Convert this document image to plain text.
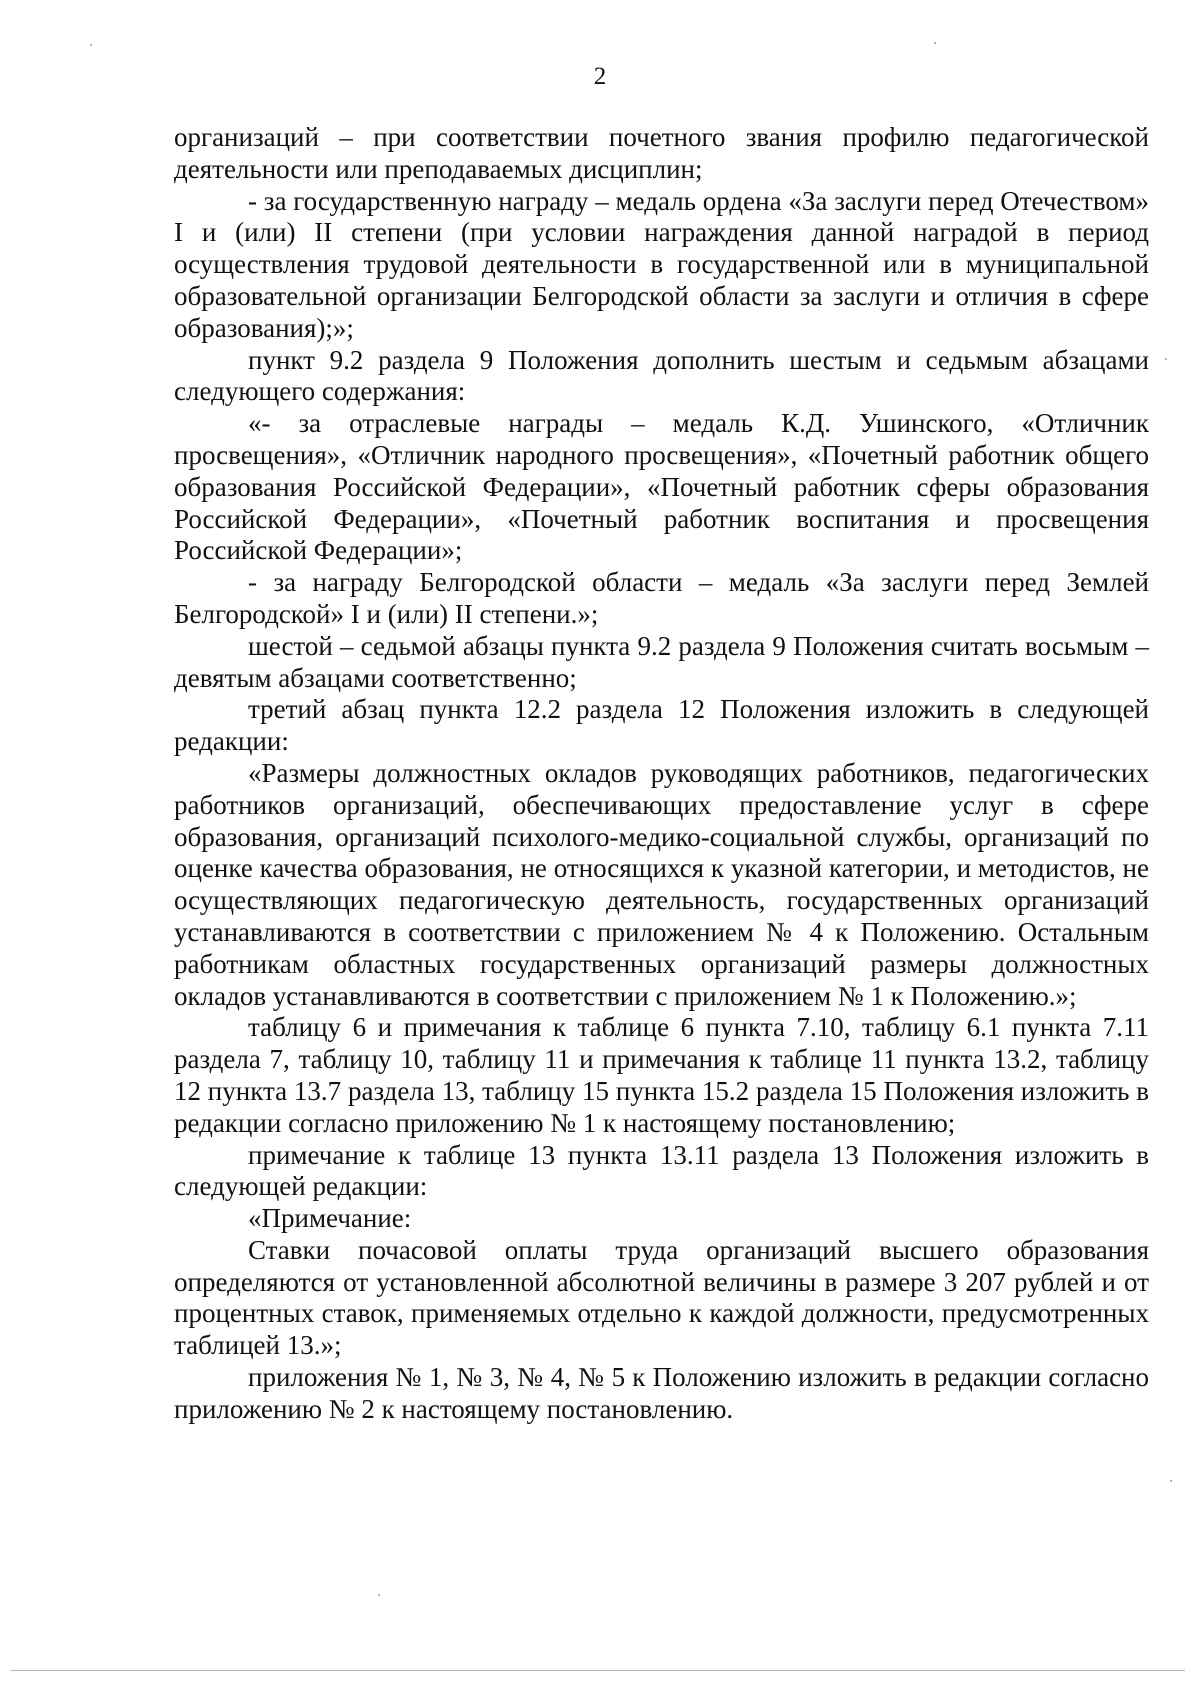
2

организаций – при соответствии почетного звания профилю педагогической деятельности или преподаваемых дисциплин;

- за государственную награду – медаль ордена «За заслуги перед Отечеством» I и (или) II степени (при условии награждения данной наградой в период осуществления трудовой деятельности в государственной или в муниципальной образовательной организации Белгородской области за заслуги и отличия в сфере образования);»;

пункт 9.2 раздела 9 Положения дополнить шестым и седьмым абзацами следующего содержания:

«- за отраслевые награды – медаль К.Д. Ушинского, «Отличник просвещения», «Отличник народного просвещения», «Почетный работник общего образования Российской Федерации», «Почетный работник сферы образования Российской Федерации», «Почетный работник воспитания и просвещения Российской Федерации»;

- за награду Белгородской области – медаль «За заслуги перед Землей Белгородской» I и (или) II степени.»;

шестой – седьмой абзацы пункта 9.2 раздела 9 Положения считать восьмым – девятым абзацами соответственно;

третий абзац пункта 12.2 раздела 12 Положения изложить в следующей редакции:

«Размеры должностных окладов руководящих работников, педагогических работников организаций, обеспечивающих предоставление услуг в сфере образования, организаций психолого-медико-социальной службы, организаций по оценке качества образования, не относящихся к указной категории, и методистов, не осуществляющих педагогическую деятельность, государственных организаций устанавливаются в соответствии с приложением № 4 к Положению. Остальным работникам областных государственных организаций размеры должностных окладов устанавливаются в соответствии с приложением № 1 к Положению.»;

таблицу 6 и примечания к таблице 6 пункта 7.10, таблицу 6.1 пункта 7.11 раздела 7, таблицу 10, таблицу 11 и примечания к таблице 11 пункта 13.2, таблицу 12 пункта 13.7 раздела 13, таблицу 15 пункта 15.2 раздела 15 Положения изложить в редакции согласно приложению № 1 к настоящему постановлению;

примечание к таблице 13 пункта 13.11 раздела 13 Положения изложить в следующей редакции:

«Примечание:

Ставки почасовой оплаты труда организаций высшего образования определяются от установленной абсолютной величины в размере 3 207 рублей и от процентных ставок, применяемых отдельно к каждой должности, предусмотренных таблицей 13.»;

приложения № 1, № 3, № 4, № 5 к Положению изложить в редакции согласно приложению № 2 к настоящему постановлению.
